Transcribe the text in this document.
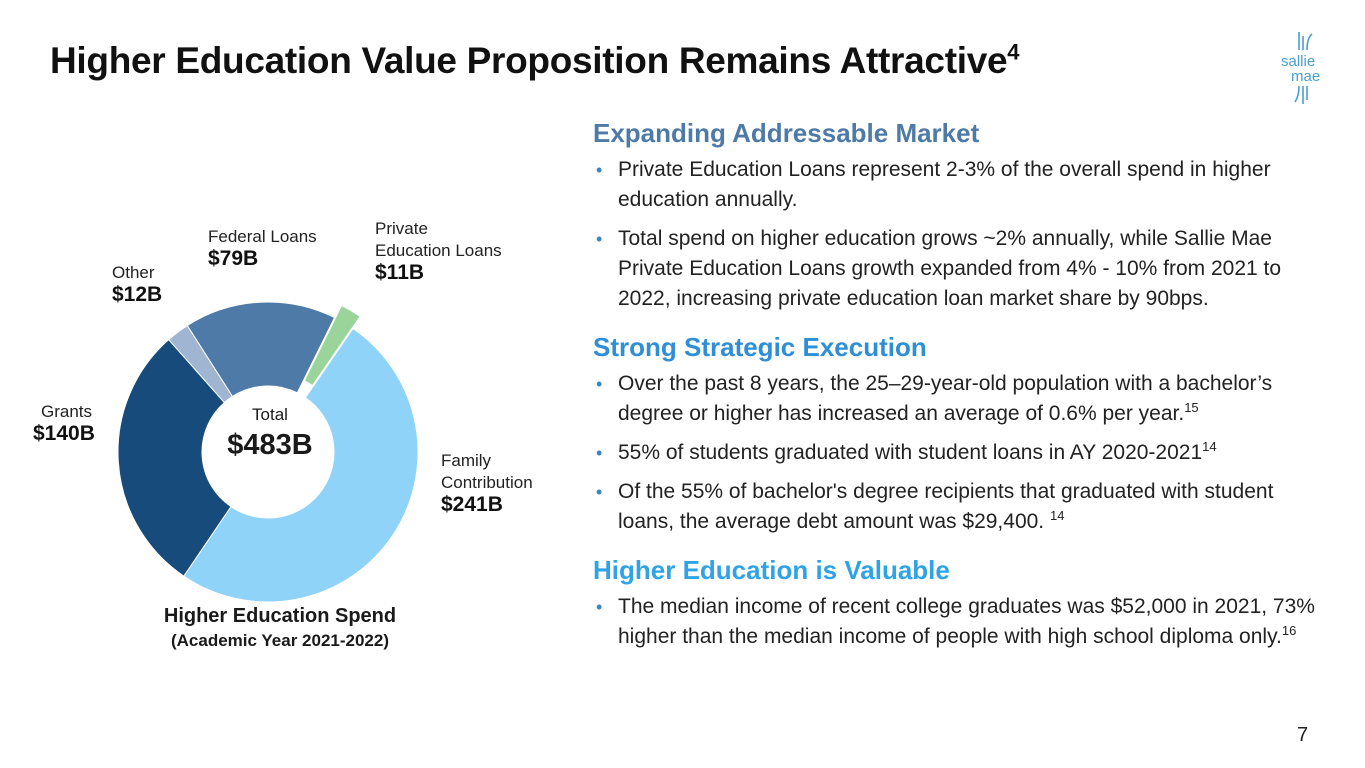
Higher Education Value Proposition Remains Attractive$^4$	sallie
mae
Other
$12B
Federal Loans
$79B
Private
Education Loans
$11B
Family
Contribution
$241B
Grants
$140B
Total
$483B
Higher Education Spend
(Academic Year 2021-2022)
Expanding Addressable Market
• Private Education Loans represent 2-3% of the overall spend in higher education annually.
• Total spend on higher education grows ~2% annually, while Sallie Mae Private Education Loans growth expanded from 4% - 10% from 2021 to 2022, increasing private education loan market share by 90bps.
Strong Strategic Execution
• Over the past 8 years, the 25–29-year-old population with a bachelor’s degree or higher has increased an average of 0.6% per year.$^{15}$
• 55% of students graduated with student loans in AY 2020-2021$^{14}$
• Of the 55% of bachelor's degree recipients that graduated with student loans, the average debt amount was $29,400. $^{14}$
Higher Education is Valuable
• The median income of recent college graduates was $52,000 in 2021, 73% higher than the median income of people with high school diploma only.$^{16}$
7
